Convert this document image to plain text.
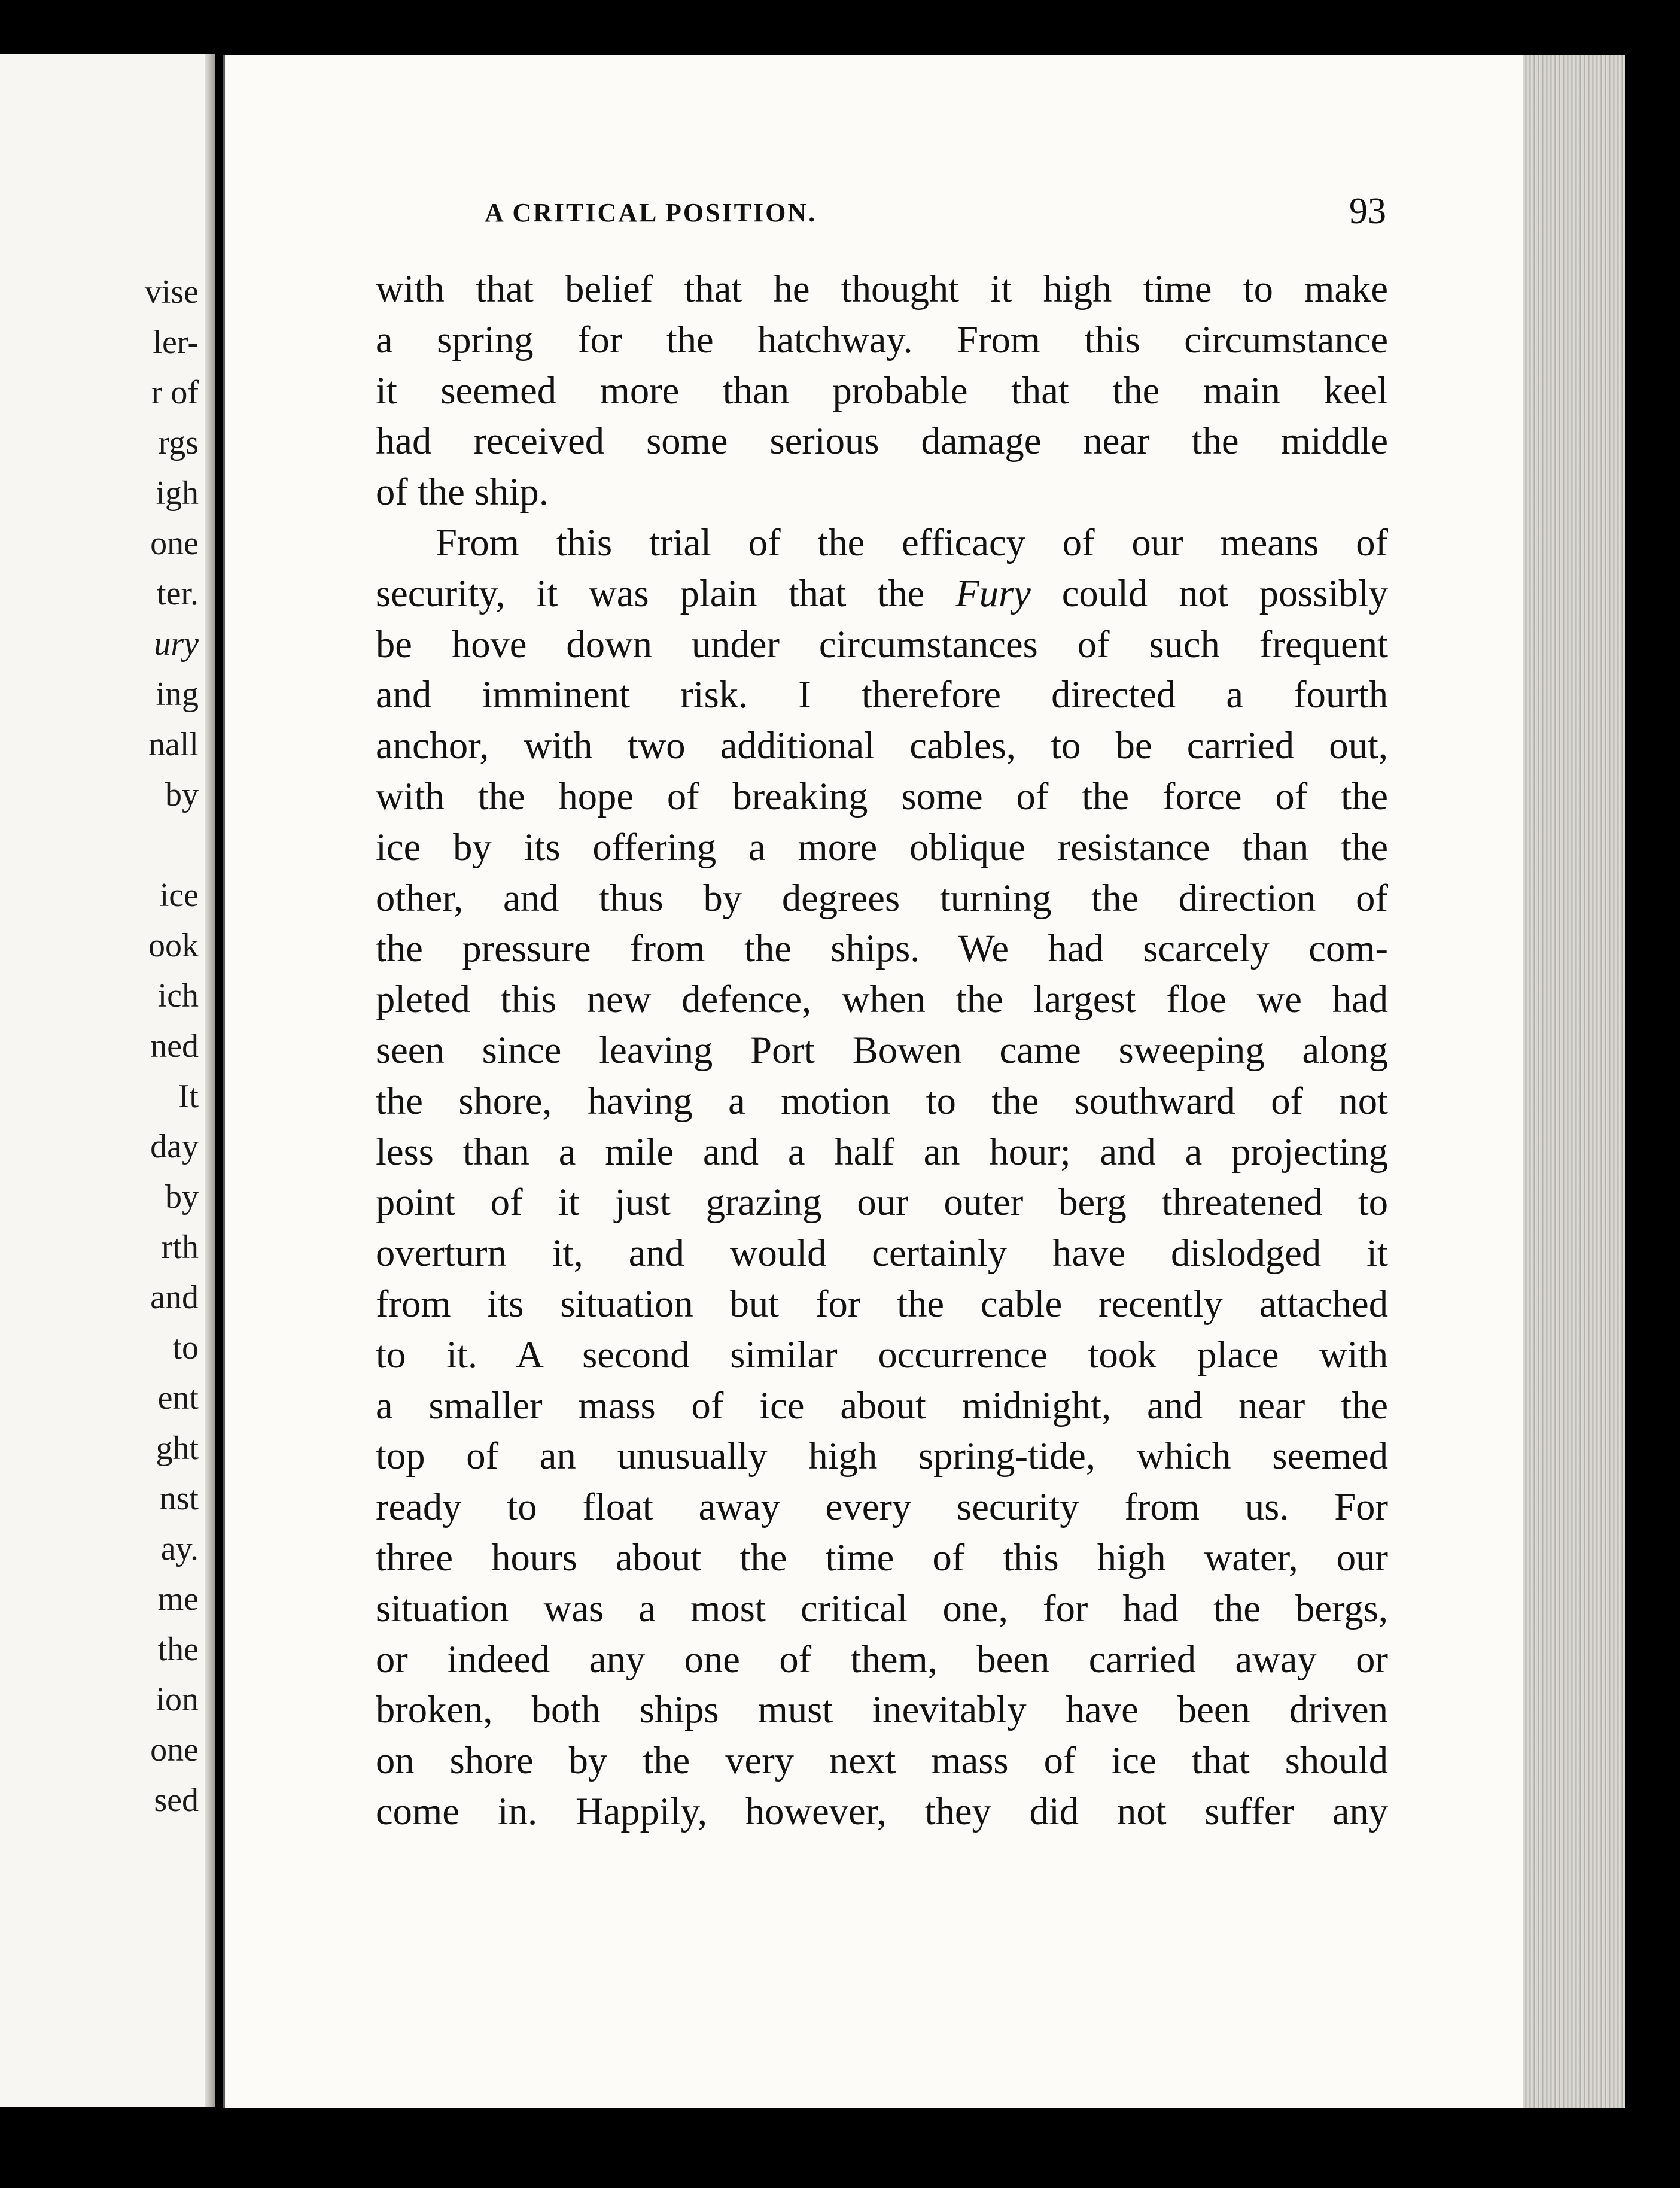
vise
ler-
r of
rgs
igh
one
ter.
ury
ing
nall
by
ice
ook
ich
ned
It
day
by
rth
and
to
ent
ght
nst
ay.
me
the
ion
one
sed
A CRITICAL POSITION.	93
with that belief that he thought it high time to make
a spring for the hatchway. From this circumstance
it seemed more than probable that the main keel
had received some serious damage near the middle
of the ship.
From this trial of the efficacy of our means of
security, it was plain that the Fury could not possibly
be hove down under circumstances of such frequent
and imminent risk. I therefore directed a fourth
anchor, with two additional cables, to be carried out,
with the hope of breaking some of the force of the
ice by its offering a more oblique resistance than the
other, and thus by degrees turning the direction of
the pressure from the ships. We had scarcely com-
pleted this new defence, when the largest floe we had
seen since leaving Port Bowen came sweeping along
the shore, having a motion to the southward of not
less than a mile and a half an hour; and a projecting
point of it just grazing our outer berg threatened to
overturn it, and would certainly have dislodged it
from its situation but for the cable recently attached
to it. A second similar occurrence took place with
a smaller mass of ice about midnight, and near the
top of an unusually high spring-tide, which seemed
ready to float away every security from us. For
three hours about the time of this high water, our
situation was a most critical one, for had the bergs,
or indeed any one of them, been carried away or
broken, both ships must inevitably have been driven
on shore by the very next mass of ice that should
come in. Happily, however, they did not suffer any
